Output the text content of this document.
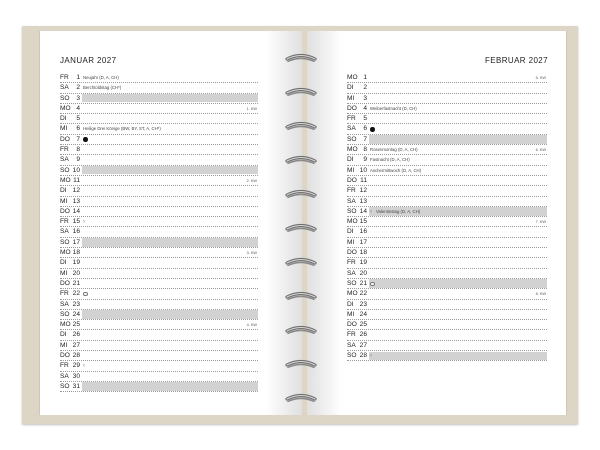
JANUAR 2027	FEBRUAR 2027
FR	1 Neujahr (D, A, CH)
SA	2 Berchtoldstag (CH*)
SO	3
MO 4	1. KW
DI	5
MI	6 Heilige Drei Könige (BW, BY, ST, A, CH*)
DO 7
FR	8
SA	9
SO 10
MO 11	2. KW
DI 12
MI 13
DO 14
FR 15 ›
SA 16
SO 17
MO 18	3. KW
DI 19
MI 20
DO 21
FR 22
SA 23
SO 24
MO 25	4. KW
DI 26
MI 27
DO 28
FR 29 ‹
SA 30
SO 31
MO 1	5. KW
DI	2
MI	3
DO 4 Weiberfastnacht (D, CH)
FR	5
SA	6
SO	7
MO 8 Rosenmontag (D, A, CH)	6. KW
DI	9 Fastnacht (D, A, CH)
MI 10 Aschermittwoch (D, A, CH)
DO 11
FR 12
SA 13
SO 14 › Valentinstag (D, A, CH)
MO 15	7. KW
DI 16
MI 17
DO 18
FR 19
SA 20
SO 21
MO 22	8. KW
DI 23
MI 24
DO 25
FR 26
SA 27
SO 28 ‹
